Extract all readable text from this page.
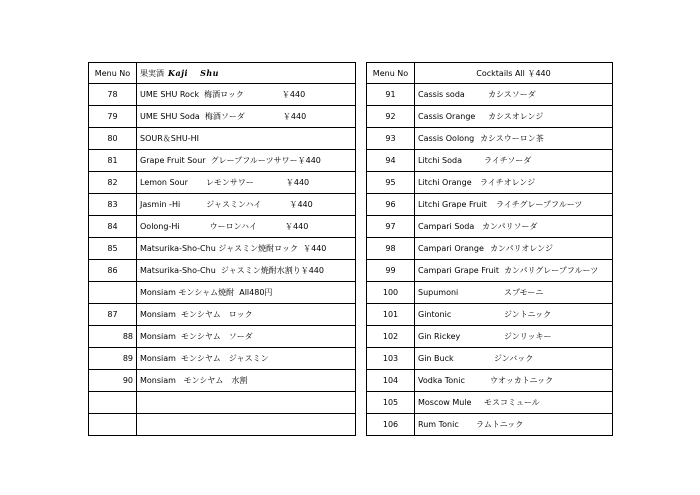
Menu No	果実酒 Kaji Shu
78	UME SHU Rock 梅酒ロック ￥440
79	UME SHU Soda 梅酒ソーダ ￥440
80	SOUR＆SHU-HI
81	Grape Fruit Sour グレープフルーツサワー￥440
82	Lemon Sour レモンサワー ￥440
83	Jasmin -Hi ジャスミンハイ ￥440
84	Oolong-Hi ウーロンハイ ￥440
85	Matsurika-Sho-Chu ジャスミン焼酎ロック ￥440
86	Matsurika-Sho-Chu ジャスミン焼酎水割り￥440
	Monsiam モンシャム焼酎 All480円
87	Monsiam モンシヤム　ロック
88	Monsiam モンシヤム　ソーダ
89	Monsiam モンシヤム　ジャスミン
90	Monsiam モンシヤム　水割

Menu No	Cocktails All ￥440
91	Cassis soda カシスソーダ
92	Cassis Orange カシスオレンジ
93	Cassis Oolong カシスウーロン茶
94	Litchi Soda ライチソーダ
95	Litchi Orange ライチオレンジ
96	Litchi Grape Fruit ライチグレープフルーツ
97	Campari Soda カンパリソーダ
98	Campari Orange カンパリオレンジ
99	Campari Grape Fruit カンパリグレープフルーツ
100	Supumoni スプモーニ
101	Gintonic ジントニック
102	Gin Rickey ジンリッキー
103	Gin Buck ジンバック
104	Vodka Tonic ウオッカトニック
105	Moscow Mule モスコミュール
106	Rum Tonic ラムトニック
